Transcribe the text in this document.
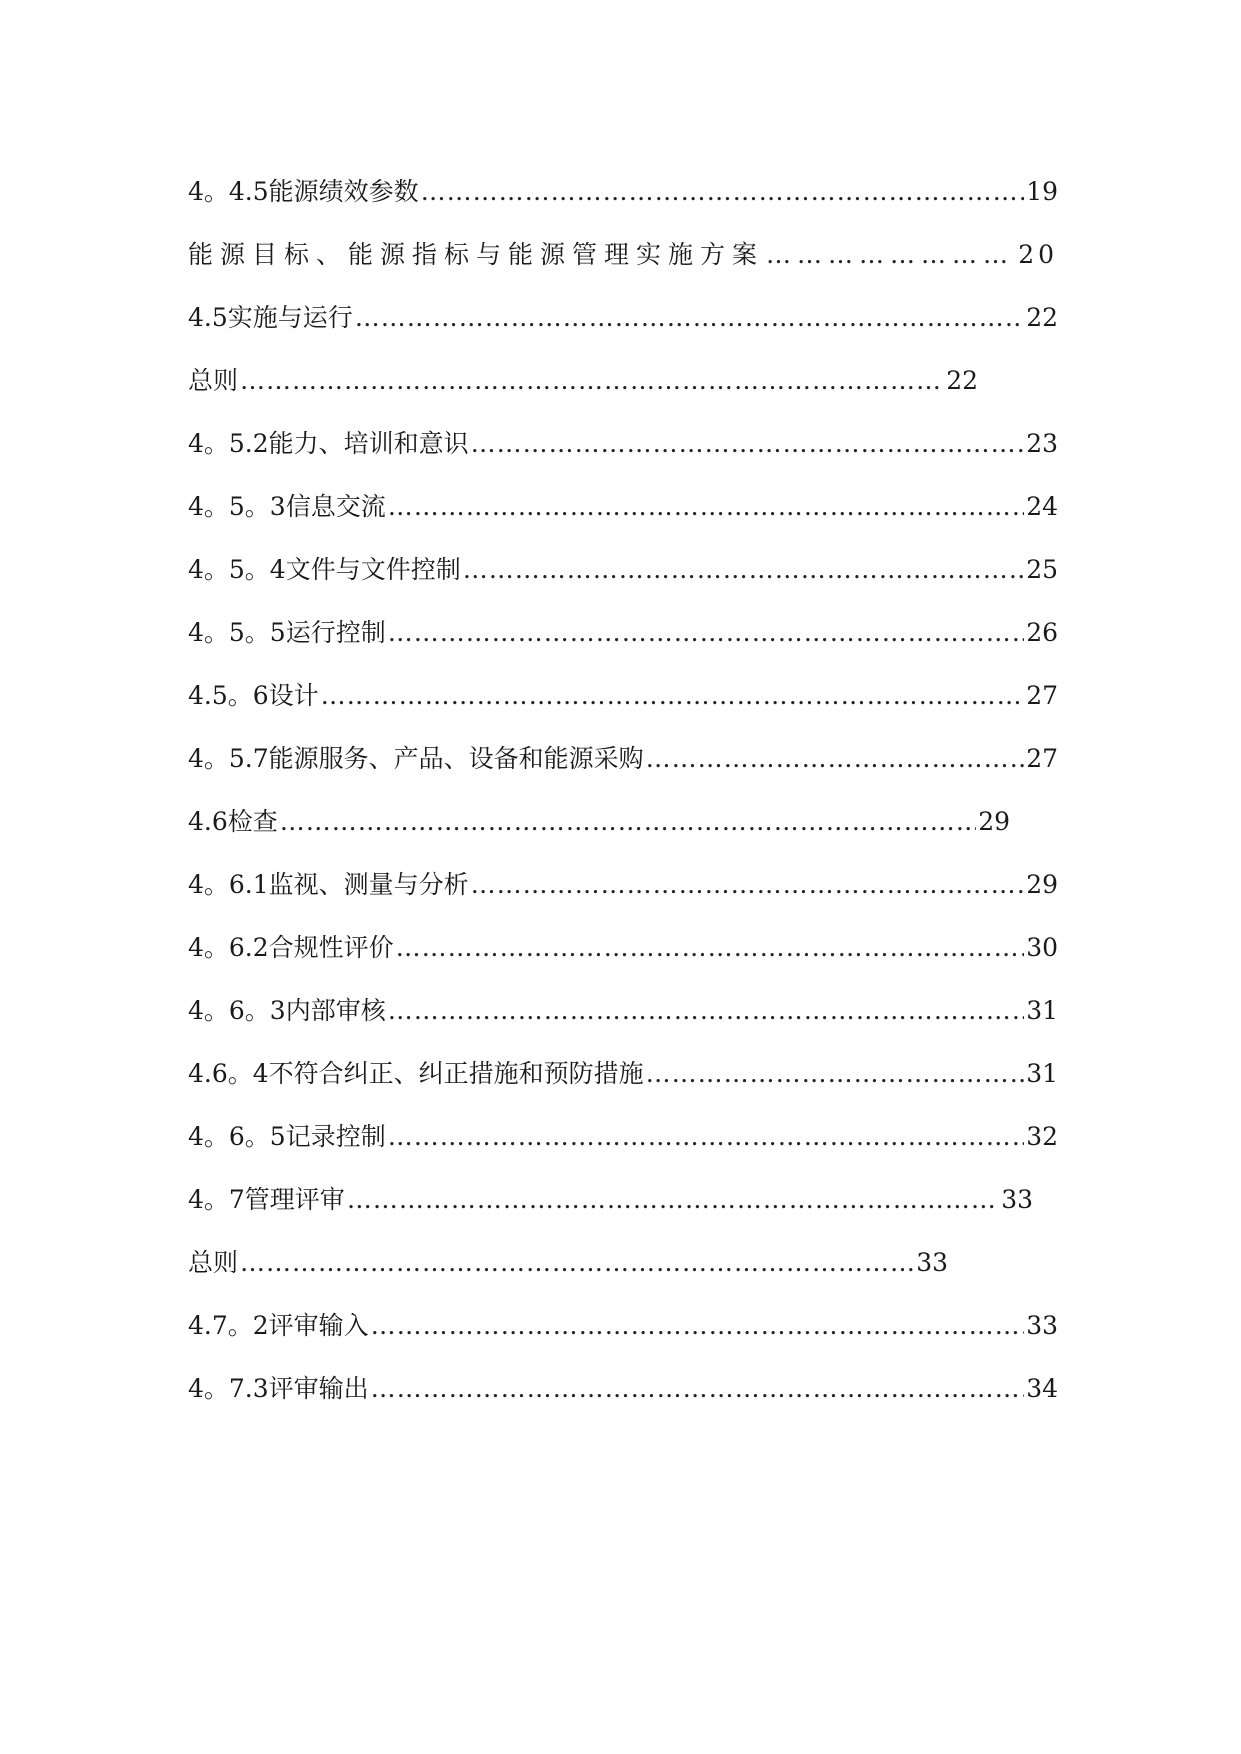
4。4.5能源绩效参数 …………………………………………………………………………………………………………………………………………………………………………………………	19
能源目标、能源指标与能源管理实施方案 …………………………………………………………………………………………………………………………………………………………………………………………	20
4.5实施与运行 …………………………………………………………………………………………………………………………………………………………………………………………	22
总则 …………………………………………………………………………………………………………………………………………………………………………………………	22
4。5.2能力、培训和意识 …………………………………………………………………………………………………………………………………………………………………………………………	23
4。5。3信息交流 …………………………………………………………………………………………………………………………………………………………………………………………	24
4。5。4文件与文件控制 …………………………………………………………………………………………………………………………………………………………………………………………	25
4。5。5运行控制 …………………………………………………………………………………………………………………………………………………………………………………………	26
4.5。6设计 …………………………………………………………………………………………………………………………………………………………………………………………	27
4。5.7能源服务、产品、设备和能源采购 …………………………………………………………………………………………………………………………………………………………………………………………	27
4.6检查 …………………………………………………………………………………………………………………………………………………………………………………………	29
4。6.1监视、测量与分析 …………………………………………………………………………………………………………………………………………………………………………………………	29
4。6.2合规性评价 …………………………………………………………………………………………………………………………………………………………………………………………	30
4。6。3内部审核 …………………………………………………………………………………………………………………………………………………………………………………………	31
4.6。4不符合纠正、纠正措施和预防措施 …………………………………………………………………………………………………………………………………………………………………………………………	31
4。6。5记录控制 …………………………………………………………………………………………………………………………………………………………………………………………	32
4。7管理评审 …………………………………………………………………………………………………………………………………………………………………………………………	33
总则 …………………………………………………………………………………………………………………………………………………………………………………………	33
4.7。2评审输入 …………………………………………………………………………………………………………………………………………………………………………………………	33
4。7.3评审输出 …………………………………………………………………………………………………………………………………………………………………………………………	34
